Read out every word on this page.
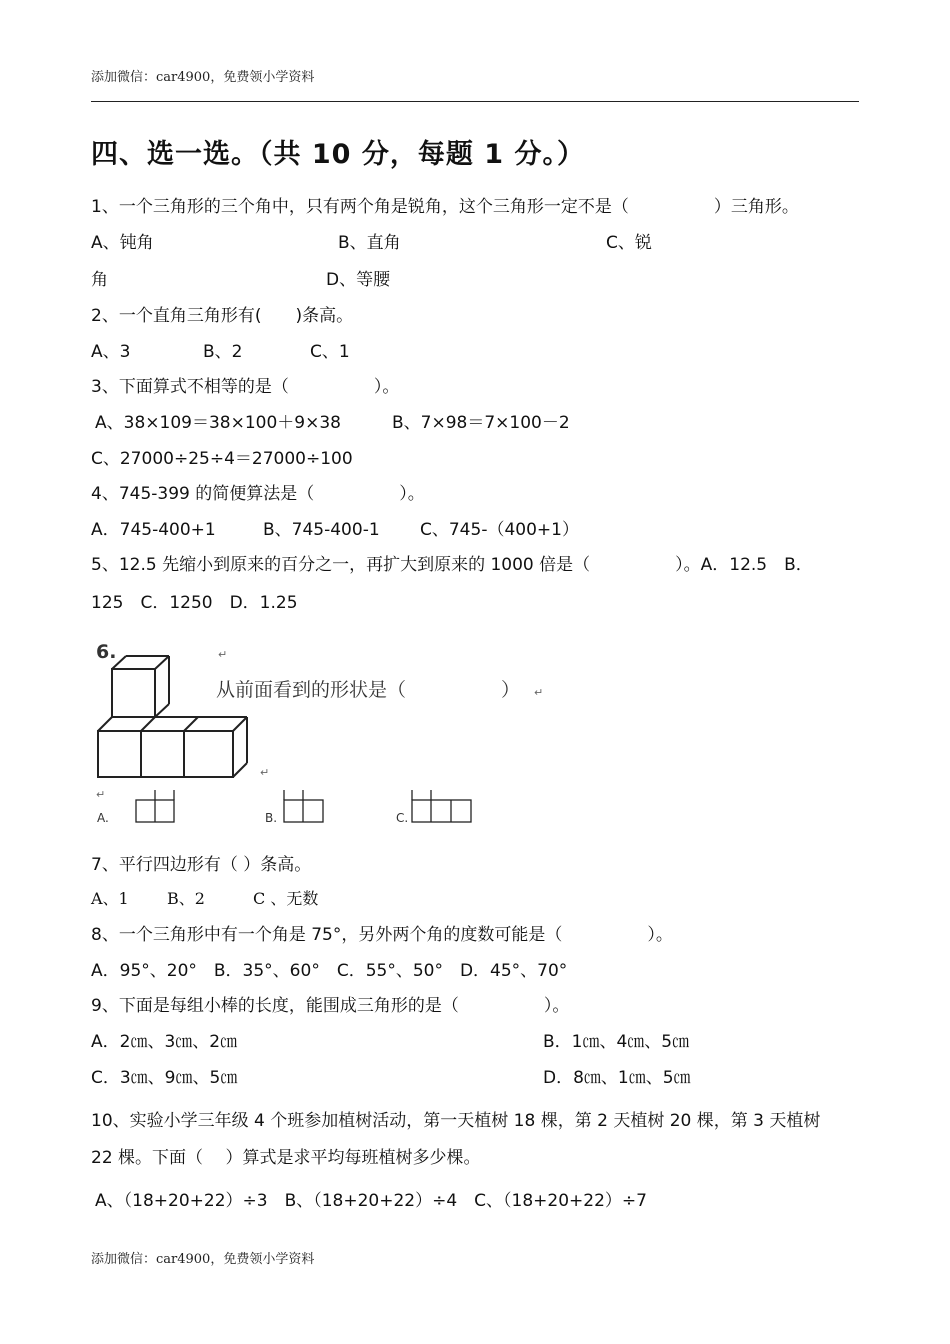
添加微信：car4900，免费领小学资料
四、选一选。（共 10 分，每题 1 分。）
1、一个三角形的三个角中，只有两个角是锐角，这个三角形一定不是（　　　　　）三角形。
A、钝角	B、直角	C、锐
角	D、等腰
2、一个直角三角形有(　　)条高。
A、3	B、2	C、1
3、下面算式不相等的是（　　　　　）。
A、38×109＝38×100＋9×38	B、7×98＝7×100－2
C、27000÷25÷4＝27000÷100
4、745-399 的简便算法是（　　　　　）。
A．745-400+1	B、745-400-1 C、745-（400+1）
5、12.5 先缩小到原来的百分之一，再扩大到原来的 1000 倍是（　　　　　）。A．12.5　B．
125　C．1250　D．1.25
6.	↵
从前面看到的形状是（　　　　　） ↵
↵
↵
A.	B.	C.
7、平行四边形有（ ）条高。
A、1 B、2	C 、无数
8、一个三角形中有一个角是 75°，另外两个角的度数可能是（　　　　　）。
A．95°、20°　B．35°、60°　C．55°、50°　D．45°、70°
9、下面是每组小棒的长度，能围成三角形的是（　　　　　）。
A．2㎝、3㎝、2㎝	B．1㎝、4㎝、5㎝
C．3㎝、9㎝、5㎝	D．8㎝、1㎝、5㎝
10、实验小学三年级 4 个班参加植树活动，第一天植树 18 棵，第 2 天植树 20 棵，第 3 天植树
22 棵。下面（　 ）算式是求平均每班植树多少棵。
A、（18+20+22）÷3　B、（18+20+22）÷4　C、（18+20+22）÷7
添加微信：car4900，免费领小学资料
